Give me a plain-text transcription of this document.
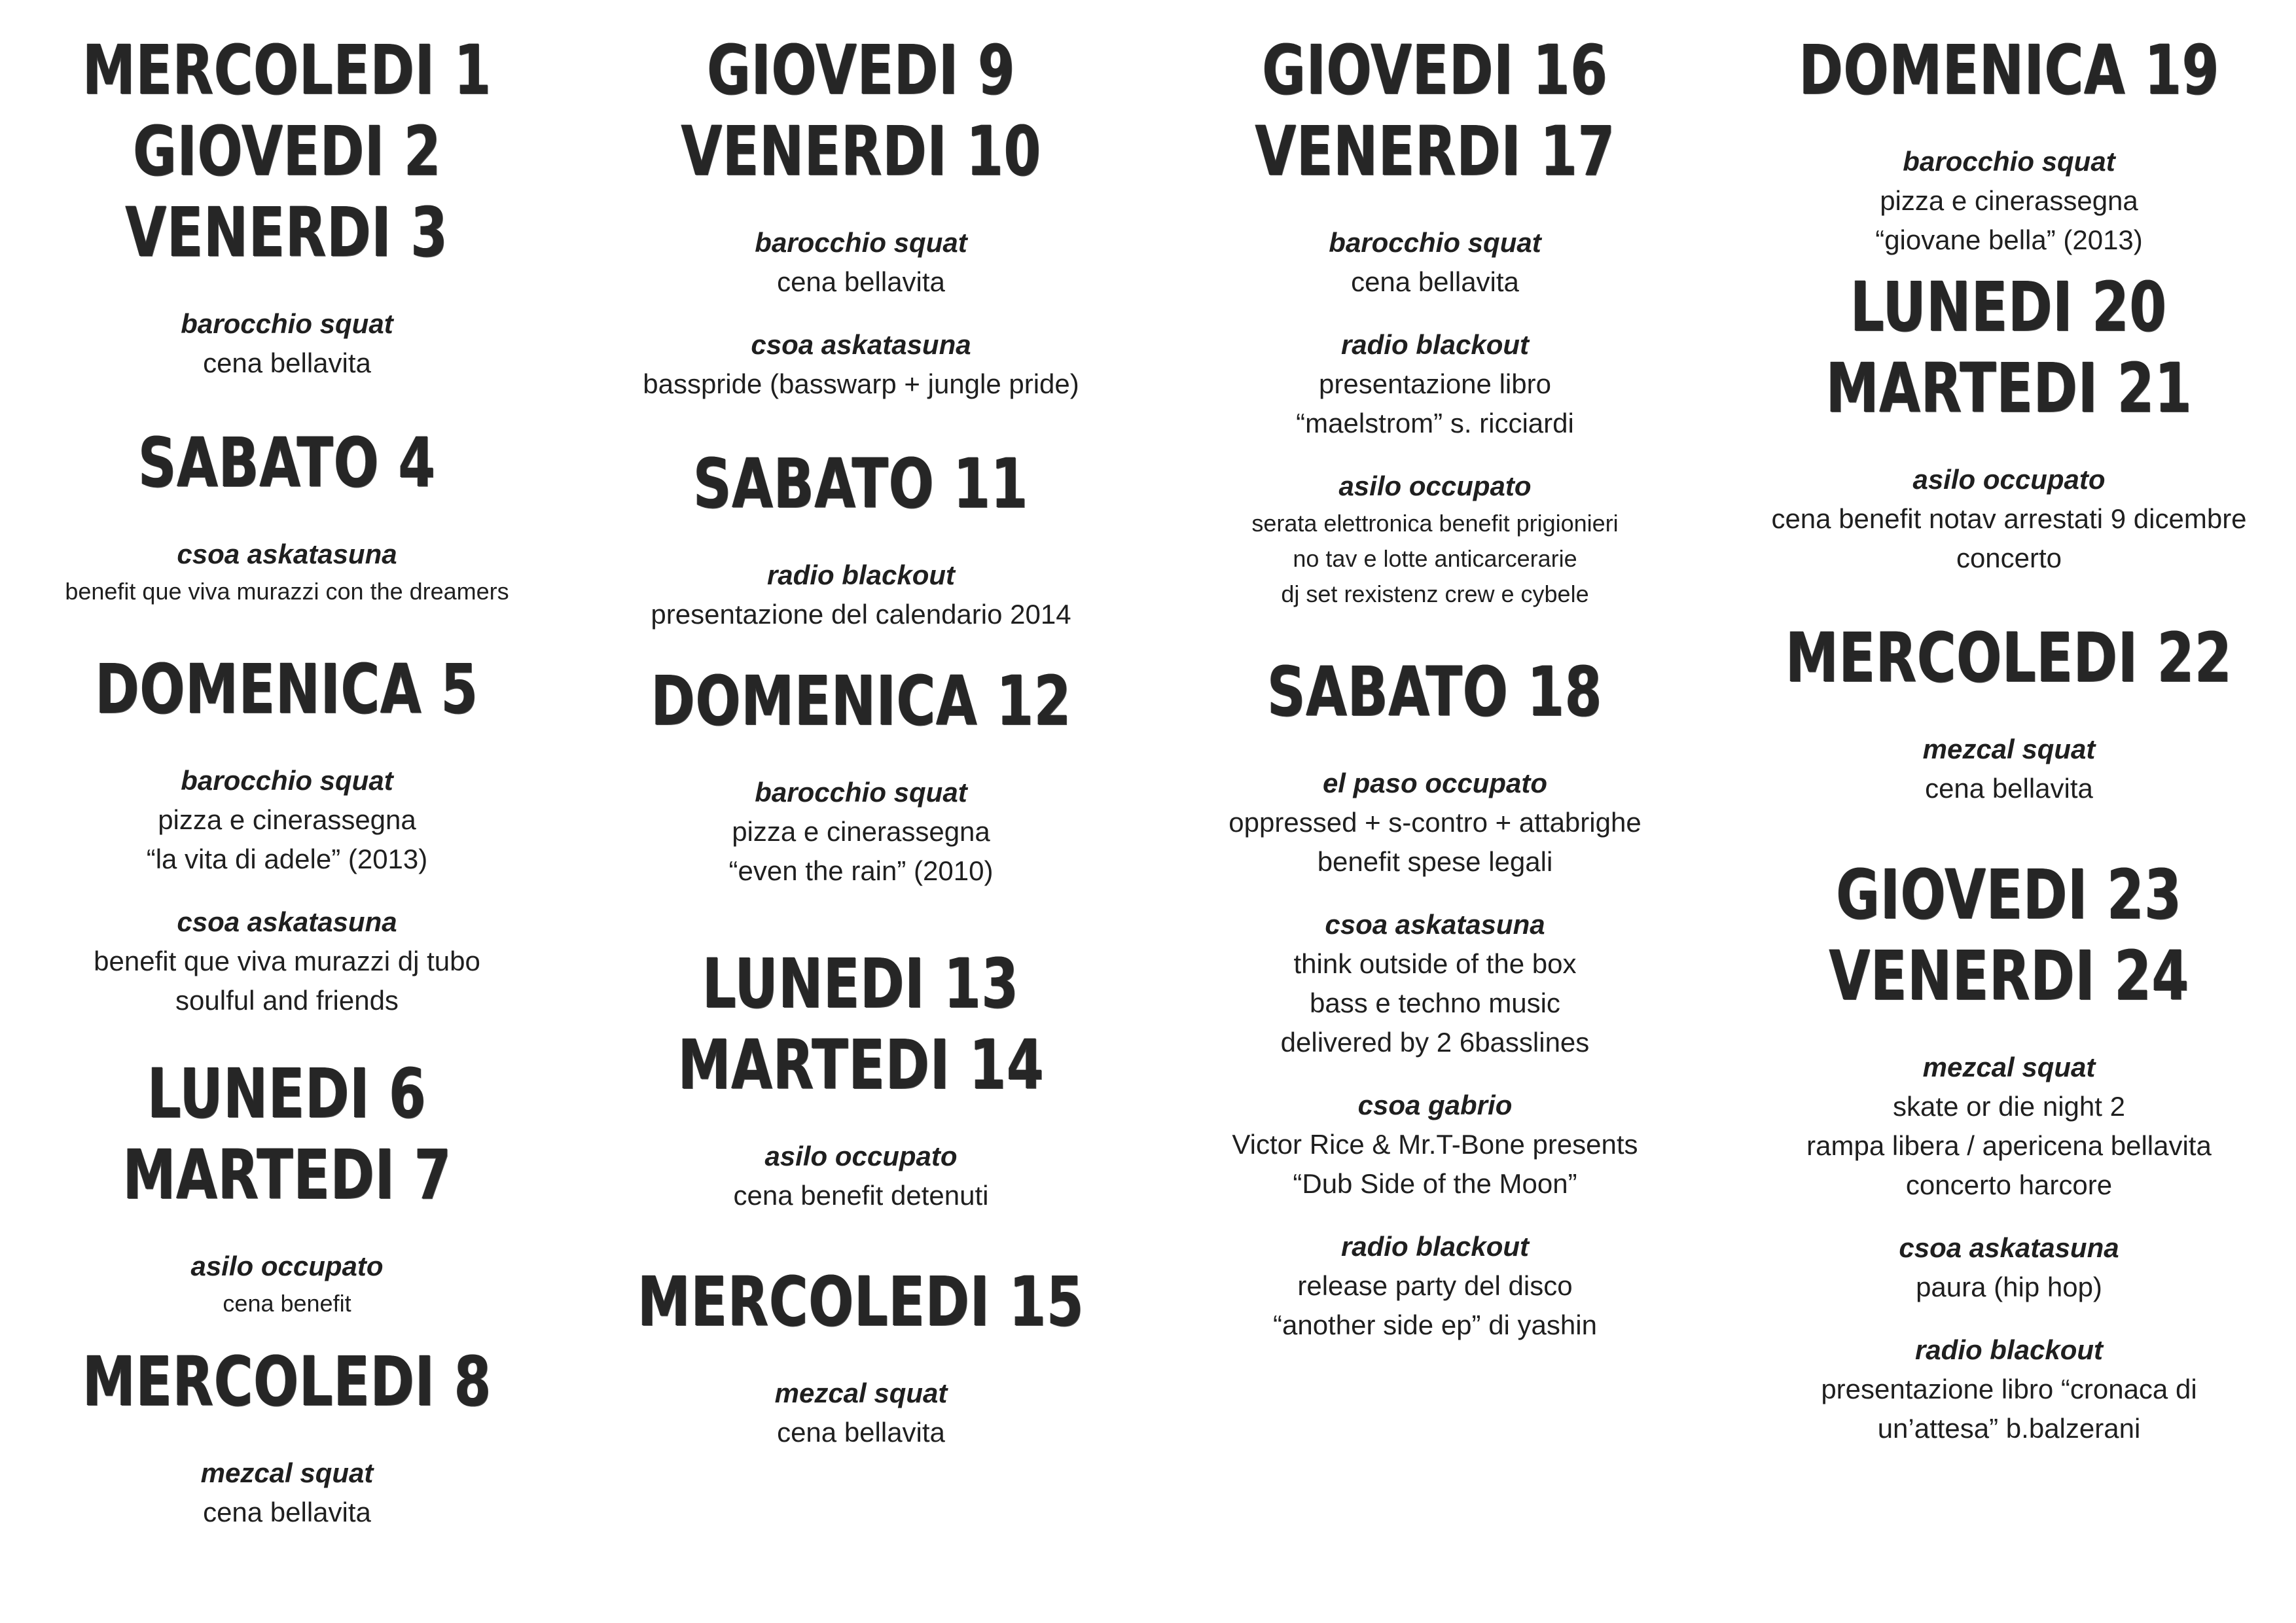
MERCOLEDI 1
GIOVEDI 2
VENERDI 3
barocchio squat
cena bellavita
SABATO 4
csoa askatasuna
benefit que viva murazzi con the dreamers
DOMENICA 5
barocchio squat
pizza e cinerassegna
“la vita di adele” (2013)
csoa askatasuna
benefit que viva murazzi dj tubo
soulful and friends
LUNEDI 6
MARTEDI 7
asilo occupato
cena benefit
MERCOLEDI 8
mezcal squat
cena bellavita
GIOVEDI 9
VENERDI 10
barocchio squat
cena bellavita
csoa askatasuna
basspride (basswarp + jungle pride)
SABATO 11
radio blackout
presentazione del calendario 2014
DOMENICA 12
barocchio squat
pizza e cinerassegna
“even the rain” (2010)
LUNEDI 13
MARTEDI 14
asilo occupato
cena benefit detenuti
MERCOLEDI 15
mezcal squat
cena bellavita
GIOVEDI 16
VENERDI 17
barocchio squat
cena bellavita
radio blackout
presentazione libro
“maelstrom” s. ricciardi
asilo occupato
serata elettronica benefit prigionieri
no tav e lotte anticarcerarie
dj set rexistenz crew e cybele
SABATO 18
el paso occupato
oppressed + s-contro + attabrighe
benefit spese legali
csoa askatasuna
think outside of the box
bass e techno music
delivered by 2 6basslines
csoa gabrio
Victor Rice & Mr.T-Bone presents
“Dub Side of the Moon”
radio blackout
release party del disco
“another side ep” di yashin
DOMENICA 19
barocchio squat
pizza e cinerassegna
“giovane bella” (2013)
LUNEDI 20
MARTEDI 21
asilo occupato
cena benefit notav arrestati 9 dicembre
concerto
MERCOLEDI 22
mezcal squat
cena bellavita
GIOVEDI 23
VENERDI 24
mezcal squat
skate or die night 2
rampa libera / apericena bellavita
concerto harcore
csoa askatasuna
paura (hip hop)
radio blackout
presentazione libro “cronaca di
un’attesa” b.balzerani
